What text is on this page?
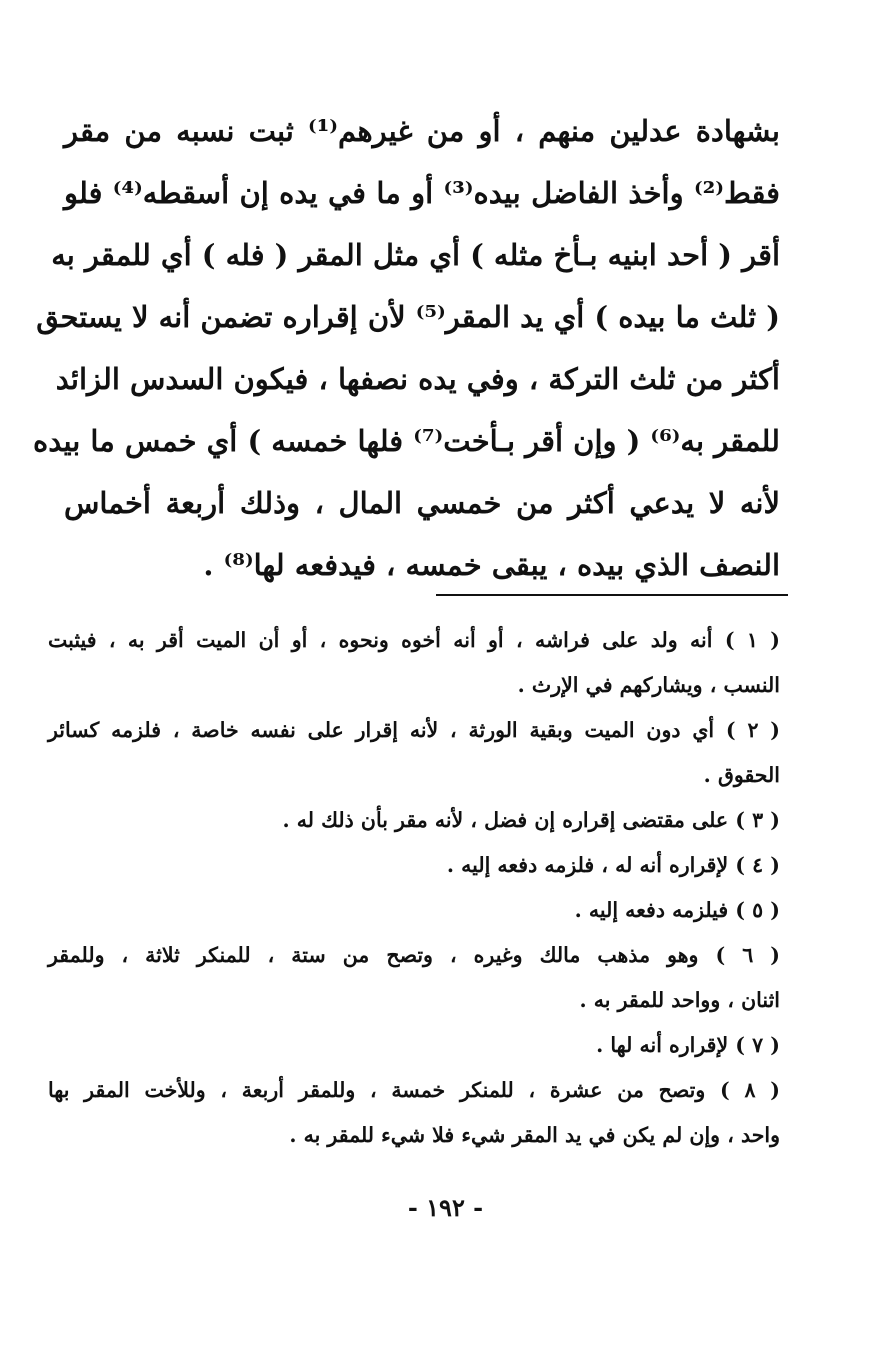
بشهادة عدلين منهم ، أو من غيرهم⁽¹⁾ ثبت نسبه من مقر
فقط⁽²⁾ وأخذ الفاضل بيده⁽³⁾ أو ما في يده إن أسقطه⁽⁴⁾ فلو
أقر ( أحد ابنيه بـأخ مثله ) أي مثل المقر ( فله ) أي للمقر به
( ثلث ما بيده ) أي يد المقر⁽⁵⁾ لأن إقراره تضمن أنه لا يستحق
أكثر من ثلث التركة ، وفي يده نصفها ، فيكون السدس الزائد
للمقر به⁽⁶⁾ ( وإن أقر بـأخت⁽⁷⁾ فلها خمسه ) أي خمس ما بيده
لأنه لا يدعي أكثر من خمسي المال ، وذلك أربعة أخماس
النصف الذي بيده ، يبقى خمسه ، فيدفعه لها⁽⁸⁾ .
( ١ ) أنه ولد على فراشه ، أو أنه أخوه ونحوه ، أو أن الميت أقر به ، فيثبت
النسب ، ويشاركهم في الإرث .
( ٢ ) أي دون الميت وبقية الورثة ، لأنه إقرار على نفسه خاصة ، فلزمه كسائر
الحقوق .
( ٣ ) على مقتضى إقراره إن فضل ، لأنه مقر بأن ذلك له .
( ٤ ) لإقراره أنه له ، فلزمه دفعه إليه .
( ٥ ) فيلزمه دفعه إليه .
( ٦ ) وهو مذهب مالك وغيره ، وتصح من ستة ، للمنكر ثلاثة ، وللمقر
اثنان ، وواحد للمقر به .
( ٧ ) لإقراره أنه لها .
( ٨ ) وتصح من عشرة ، للمنكر خمسة ، وللمقر أربعة ، وللأخت المقر بها
واحد ، وإن لم يكن في يد المقر شيء فلا شيء للمقر به .
- ١٩٢ -
